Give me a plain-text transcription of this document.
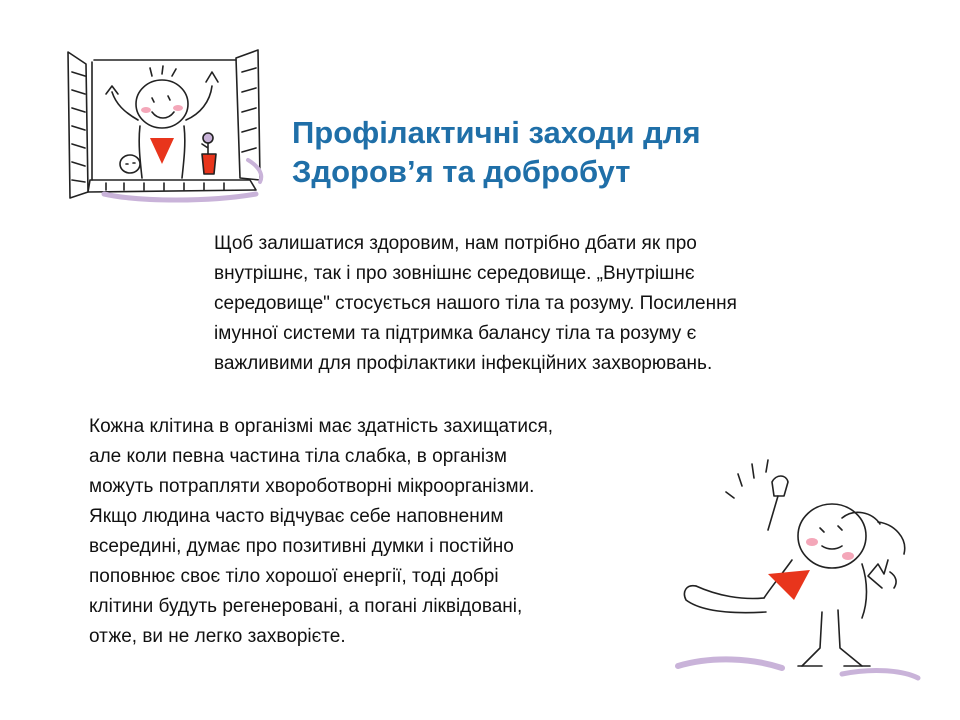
Профілактичні заходи для
Здоров’я та добробут

Щоб залишатися здоровим, нам потрібно дбати як про
внутрішнє, так і про зовнішнє середовище. „Внутрішнє
середовище" стосується нашого тіла та розуму. Посилення
імунної системи та підтримка балансу тіла та розуму є
важливими для профілактики інфекційних захворювань.

Кожна клітина в організмі має здатність захищатися,
але коли певна частина тіла слабка, в організм
можуть потрапляти хвороботворні мікроорганізми.
Якщо людина часто відчуває себе наповненим
всередині, думає про позитивні думки і постійно
поповнює своє тіло хорошої енергії, тоді добрі
клітини будуть регенеровані, а погані ліквідовані,
отже, ви не легко захворієте.
